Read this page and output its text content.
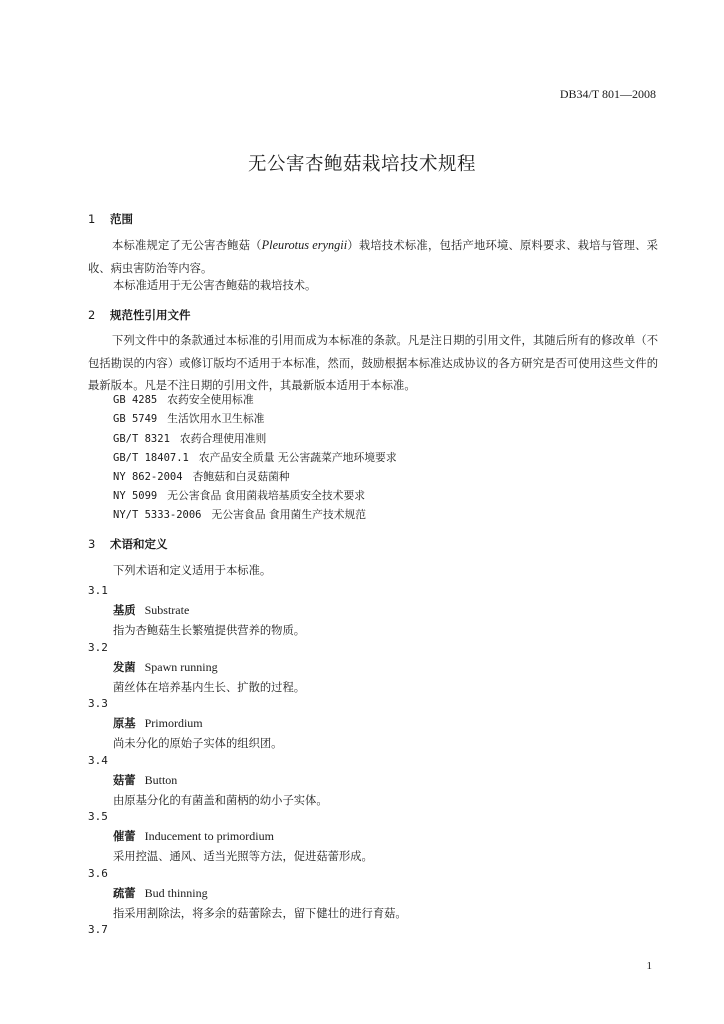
DB34/T 801—2008
无公害杏鲍菇栽培技术规程
1 范围
本标准规定了无公害杏鲍菇（Pleurotus eryngii）栽培技术标准，包括产地环境、原料要求、栽培与管理、采收、病虫害防治等内容。
本标准适用于无公害杏鲍菇的栽培技术。
2 规范性引用文件
下列文件中的条款通过本标准的引用而成为本标准的条款。凡是注日期的引用文件，其随后所有的修改单（不包括勘误的内容）或修订版均不适用于本标准，然而，鼓励根据本标准达成协议的各方研究是否可使用这些文件的最新版本。凡是不注日期的引用文件，其最新版本适用于本标准。
GB 4285 农药安全使用标准
GB 5749 生活饮用水卫生标准
GB/T 8321 农药合理使用准则
GB/T 18407.1 农产品安全质量 无公害蔬菜产地环境要求
NY 862-2004 杏鲍菇和白灵菇菌种
NY 5099 无公害食品 食用菌栽培基质安全技术要求
NY/T 5333-2006 无公害食品 食用菌生产技术规范
3 术语和定义
下列术语和定义适用于本标准。
3.1
基质 Substrate
指为杏鲍菇生长繁殖提供营养的物质。
3.2
发菌 Spawn running
菌丝体在培养基内生长、扩散的过程。
3.3
原基 Primordium
尚未分化的原始子实体的组织团。
3.4
菇蕾 Button
由原基分化的有菌盖和菌柄的幼小子实体。
3.5
催蕾 Inducement to primordium
采用控温、通风、适当光照等方法，促进菇蕾形成。
3.6
疏蕾 Bud thinning
指采用割除法，将多余的菇蕾除去，留下健壮的进行育菇。
3.7
1
